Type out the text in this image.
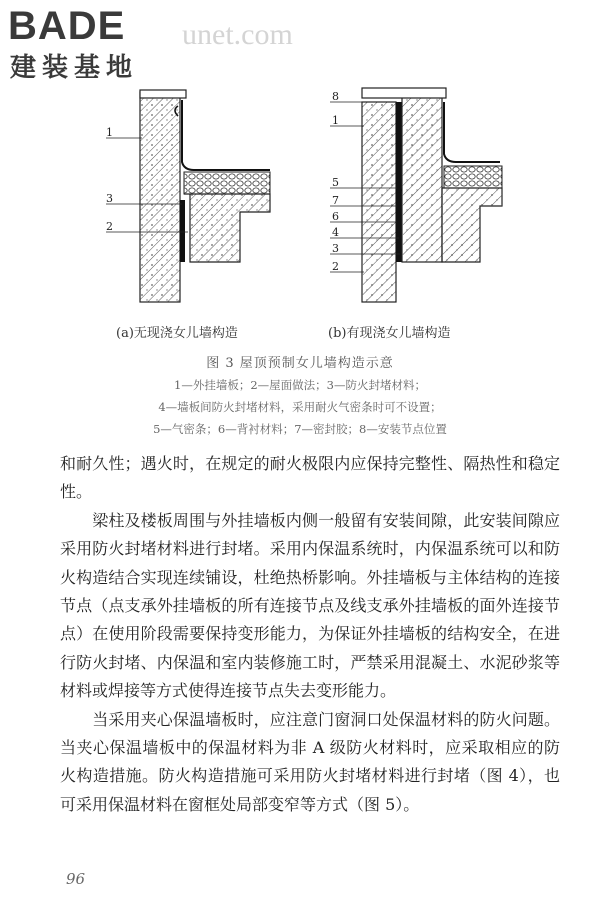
BADE
建装基地
unet.com
1
3
2
8
1
5
7
6
4
3
2
(a)无现浇女儿墙构造	(b)有现浇女儿墙构造
图 3 屋顶预制女儿墙构造示意
1—外挂墙板；2—屋面做法；3—防火封堵材料；
4—墙板间防火封堵材料，采用耐火气密条时可不设置；
5—气密条；6—背衬材料；7—密封胶；8—安装节点位置

和耐久性；遇火时，在规定的耐火极限内应保持完整性、隔热性和稳定性。

　　梁柱及楼板周围与外挂墙板内侧一般留有安装间隙，此安装间隙应采用防火封堵材料进行封堵。采用内保温系统时，内保温系统可以和防火构造结合实现连续铺设，杜绝热桥影响。外挂墙板与主体结构的连接节点（点支承外挂墙板的所有连接节点及线支承外挂墙板的面外连接节点）在使用阶段需要保持变形能力，为保证外挂墙板的结构安全，在进行防火封堵、内保温和室内装修施工时，严禁采用混凝土、水泥砂浆等材料或焊接等方式使得连接节点失去变形能力。

　　当采用夹心保温墙板时，应注意门窗洞口处保温材料的防火问题。当夹心保温墙板中的保温材料为非 A 级防火材料时，应采取相应的防火构造措施。防火构造措施可采用防火封堵材料进行封堵（图 4），也可采用保温材料在窗框处局部变窄等方式（图 5）。

96
